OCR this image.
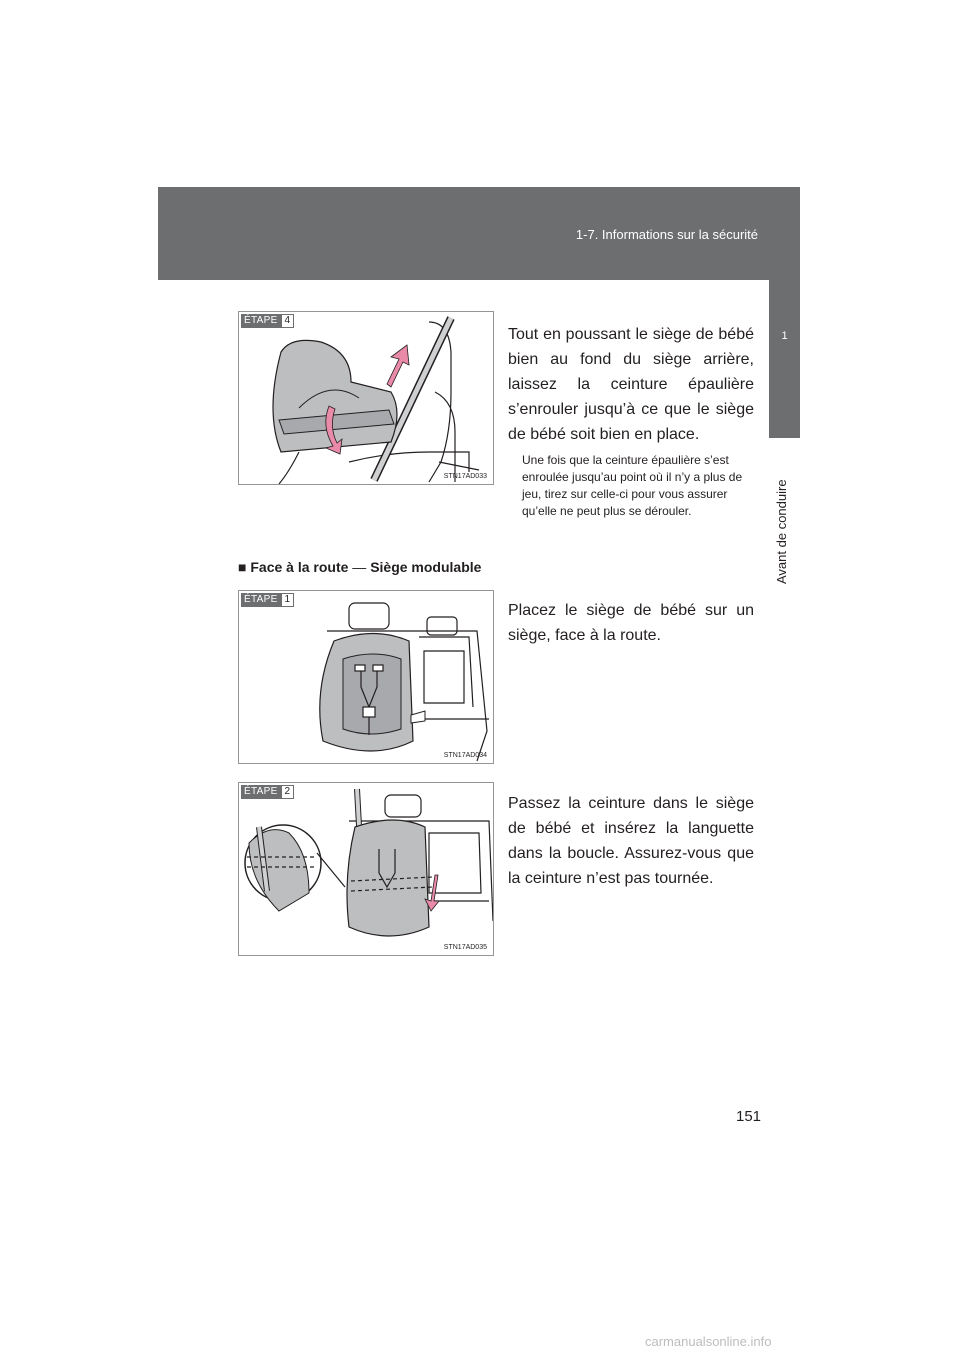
1-7. Informations sur la sécurité
1
Avant de conduire
ÉTAPE 4
STN17AD033

Tout en poussant le siège de bébé bien au fond du siège arrière, laissez la ceinture épaulière s’enrouler jusqu’à ce que le siège de bébé soit bien en place.

Une fois que la ceinture épaulière s’est enroulée jusqu’au point où il n’y a plus de jeu, tirez sur celle-ci pour vous assurer qu’elle ne peut plus se dérouler.

■ Face à la route — Siège modulable

ÉTAPE 1
STN17AD034

Placez le siège de bébé sur un siège, face à la route.

ÉTAPE 2
STN17AD035

Passez la ceinture dans le siège de bébé et insérez la languette dans la boucle. Assurez-vous que la ceinture n’est pas tournée.

151
carmanualsonline.info
